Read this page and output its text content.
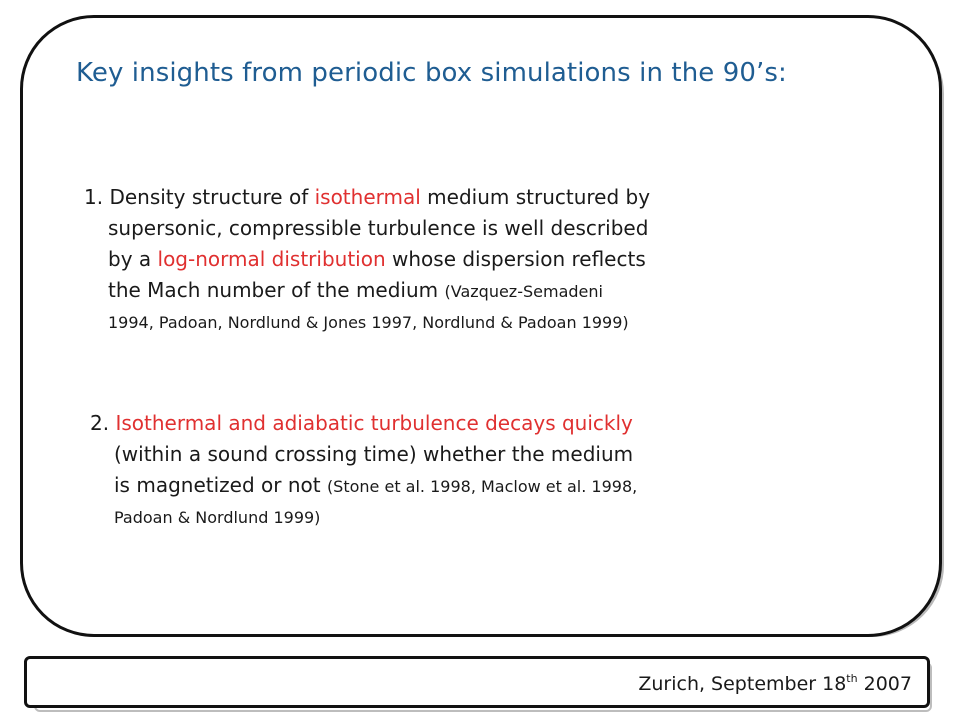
Key insights from periodic box simulations in the 90’s:
1. Density structure of isothermal medium structured by
supersonic, compressible turbulence is well described
by a log-normal distribution whose dispersion reflects
the Mach number of the medium (Vazquez-Semadeni
1994, Padoan, Nordlund & Jones 1997, Nordlund & Padoan 1999)
2. Isothermal and adiabatic turbulence decays quickly
(within a sound crossing time) whether the medium
is magnetized or not (Stone et al. 1998, Maclow et al. 1998,
Padoan & Nordlund 1999)
Zurich, September 18th 2007
